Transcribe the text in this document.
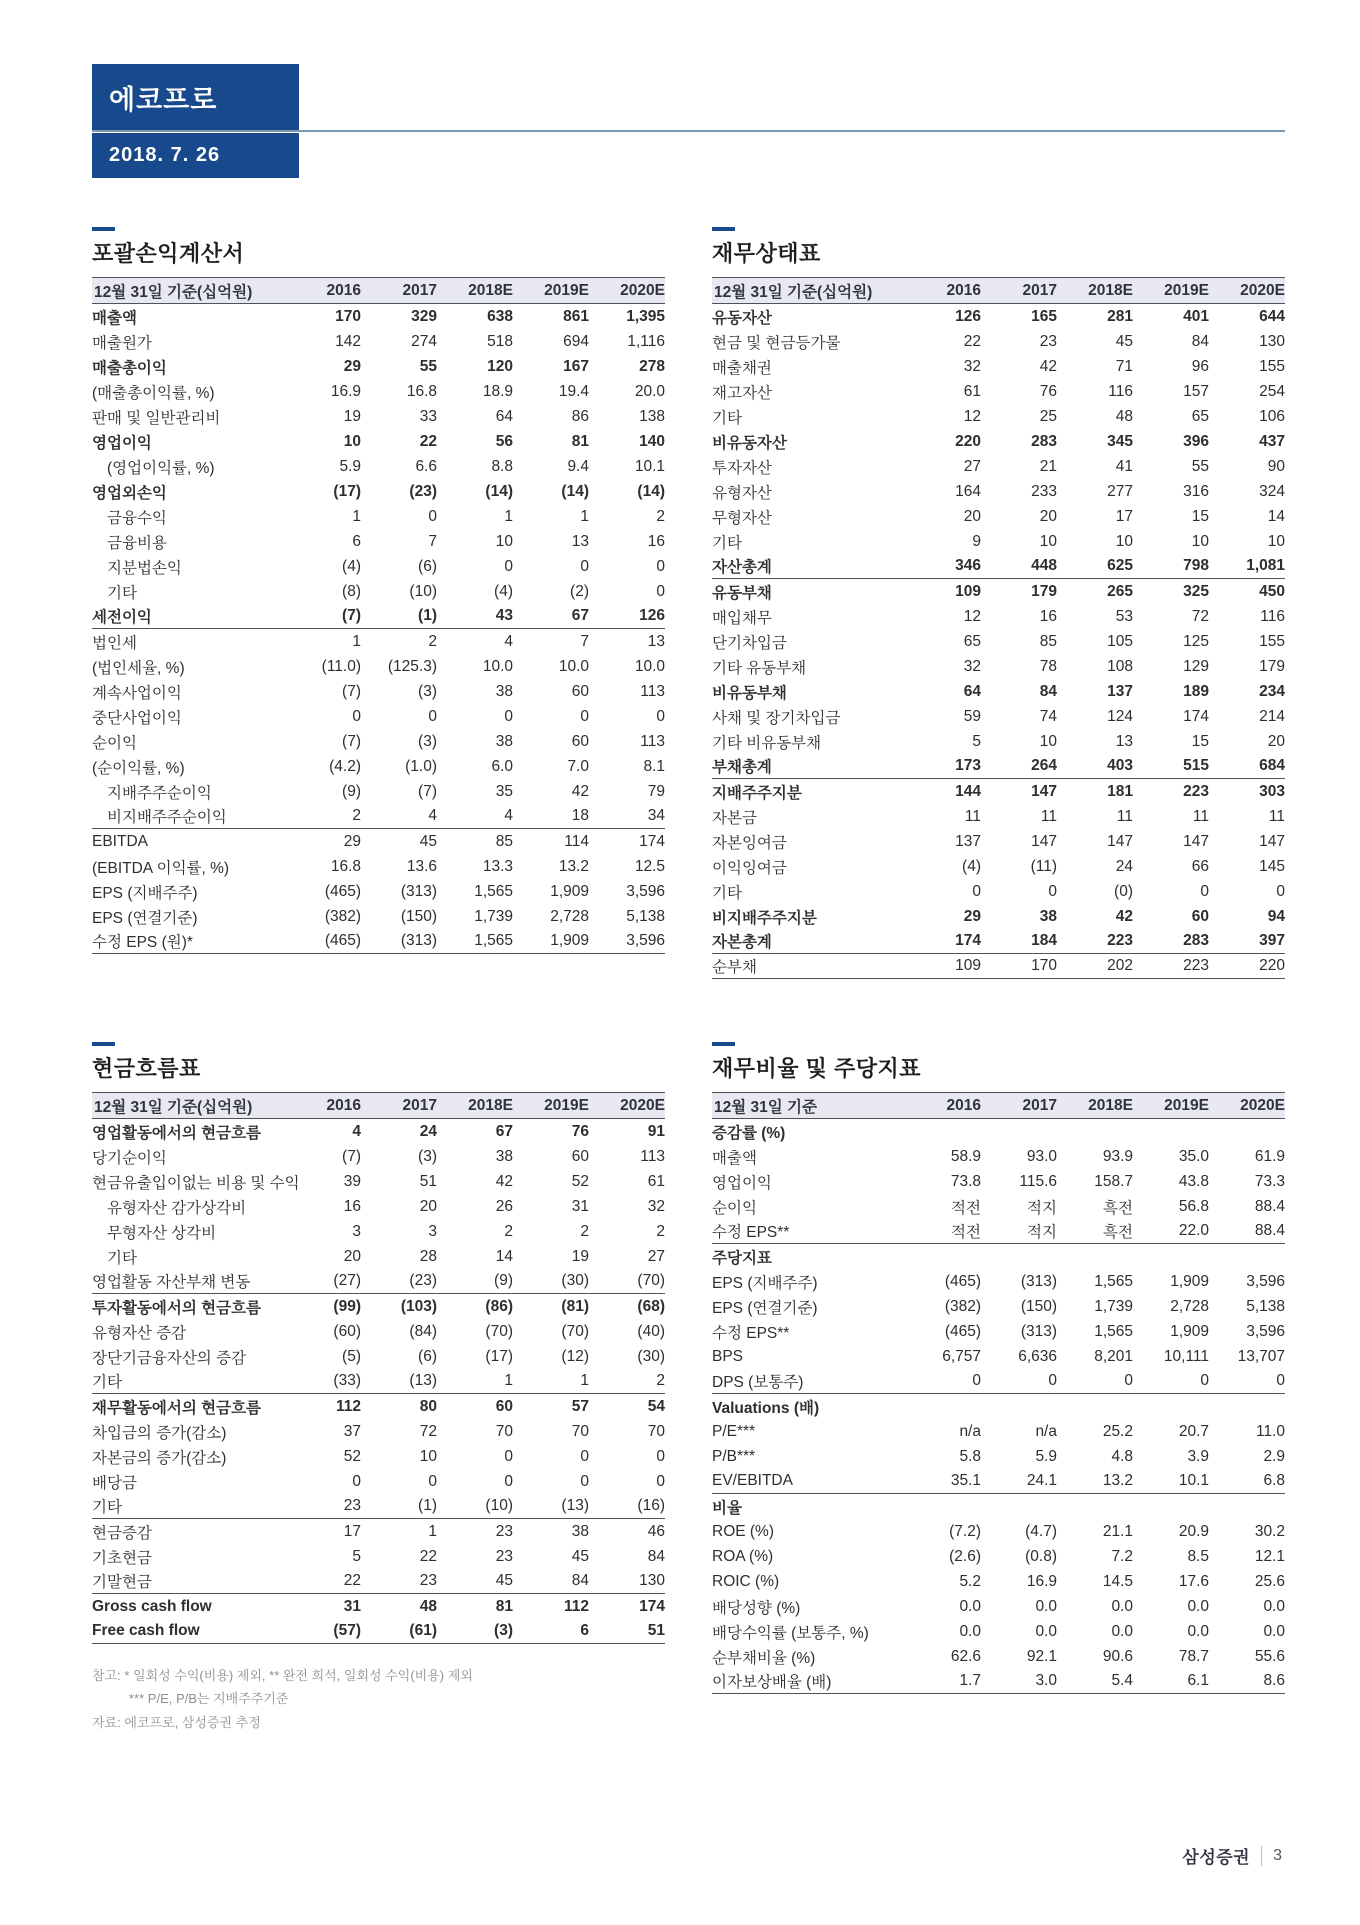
에코프로
2018. 7. 26
포괄손익계산서
12월 31일 기준(십억원)	2016	2017	2018E	2019E	2020E
매출액	170	329	638	861	1,395
매출원가	142	274	518	694	1,116
매출총이익	29	55	120	167	278
(매출총이익률, %)	16.9	16.8	18.9	19.4	20.0
판매 및 일반관리비	19	33	64	86	138
영업이익	10	22	56	81	140
(영업이익률, %)	5.9	6.6	8.8	9.4	10.1
영업외손익	(17)	(23)	(14)	(14)	(14)
금융수익	1	0	1	1	2
금융비용	6	7	10	13	16
지분법손익	(4)	(6)	0	0	0
기타	(8)	(10)	(4)	(2)	0
세전이익	(7)	(1)	43	67	126
법인세	1	2	4	7	13
(법인세율, %)	(11.0)	(125.3)	10.0	10.0	10.0
계속사업이익	(7)	(3)	38	60	113
중단사업이익	0	0	0	0	0
순이익	(7)	(3)	38	60	113
(순이익률, %)	(4.2)	(1.0)	6.0	7.0	8.1
지배주주순이익	(9)	(7)	35	42	79
비지배주주순이익	2	4	4	18	34
EBITDA	29	45	85	114	174
(EBITDA 이익률, %)	16.8	13.6	13.3	13.2	12.5
EPS (지배주주)	(465)	(313)	1,565	1,909	3,596
EPS (연결기준)	(382)	(150)	1,739	2,728	5,138
수정 EPS (원)*	(465)	(313)	1,565	1,909	3,596
재무상태표
12월 31일 기준(십억원)	2016	2017	2018E	2019E	2020E
유동자산	126	165	281	401	644
현금 및 현금등가물	22	23	45	84	130
매출채권	32	42	71	96	155
재고자산	61	76	116	157	254
기타	12	25	48	65	106
비유동자산	220	283	345	396	437
투자자산	27	21	41	55	90
유형자산	164	233	277	316	324
무형자산	20	20	17	15	14
기타	9	10	10	10	10
자산총계	346	448	625	798	1,081
유동부채	109	179	265	325	450
매입채무	12	16	53	72	116
단기차입금	65	85	105	125	155
기타 유동부채	32	78	108	129	179
비유동부채	64	84	137	189	234
사채 및 장기차입금	59	74	124	174	214
기타 비유동부채	5	10	13	15	20
부채총계	173	264	403	515	684
지배주주지분	144	147	181	223	303
자본금	11	11	11	11	11
자본잉여금	137	147	147	147	147
이익잉여금	(4)	(11)	24	66	145
기타	0	0	(0)	0	0
비지배주주지분	29	38	42	60	94
자본총계	174	184	223	283	397
순부채	109	170	202	223	220
현금흐름표
12월 31일 기준(십억원)	2016	2017	2018E	2019E	2020E
영업활동에서의 현금흐름	4	24	67	76	91
당기순이익	(7)	(3)	38	60	113
현금유출입이없는 비용 및 수익	39	51	42	52	61
유형자산 감가상각비	16	20	26	31	32
무형자산 상각비	3	3	2	2	2
기타	20	28	14	19	27
영업활동 자산부채 변동	(27)	(23)	(9)	(30)	(70)
투자활동에서의 현금흐름	(99)	(103)	(86)	(81)	(68)
유형자산 증감	(60)	(84)	(70)	(70)	(40)
장단기금융자산의 증감	(5)	(6)	(17)	(12)	(30)
기타	(33)	(13)	1	1	2
재무활동에서의 현금흐름	112	80	60	57	54
차입금의 증가(감소)	37	72	70	70	70
자본금의 증가(감소)	52	10	0	0	0
배당금	0	0	0	0	0
기타	23	(1)	(10)	(13)	(16)
현금증감	17	1	23	38	46
기초현금	5	22	23	45	84
기말현금	22	23	45	84	130
Gross cash flow	31	48	81	112	174
Free cash flow	(57)	(61)	(3)	6	51
참고: * 일회성 수익(비용) 제외, ** 완전 희석, 일회성 수익(비용) 제외
*** P/E, P/B는 지배주주기준
자료: 에코프로, 삼성증권 추정
재무비율 및 주당지표
12월 31일 기준	2016	2017	2018E	2019E	2020E
증감률 (%)
매출액	58.9	93.0	93.9	35.0	61.9
영업이익	73.8	115.6	158.7	43.8	73.3
순이익	적전	적지	흑전	56.8	88.4
수정 EPS**	적전	적지	흑전	22.0	88.4
주당지표
EPS (지배주주)	(465)	(313)	1,565	1,909	3,596
EPS (연결기준)	(382)	(150)	1,739	2,728	5,138
수정 EPS**	(465)	(313)	1,565	1,909	3,596
BPS	6,757	6,636	8,201	10,111	13,707
DPS (보통주)	0	0	0	0	0
Valuations (배)
P/E***	n/a	n/a	25.2	20.7	11.0
P/B***	5.8	5.9	4.8	3.9	2.9
EV/EBITDA	35.1	24.1	13.2	10.1	6.8
비율
ROE (%)	(7.2)	(4.7)	21.1	20.9	30.2
ROA (%)	(2.6)	(0.8)	7.2	8.5	12.1
ROIC (%)	5.2	16.9	14.5	17.6	25.6
배당성향 (%)	0.0	0.0	0.0	0.0	0.0
배당수익률 (보통주, %)	0.0	0.0	0.0	0.0	0.0
순부채비율 (%)	62.6	92.1	90.6	78.7	55.6
이자보상배율 (배)	1.7	3.0	5.4	6.1	8.6
삼성증권 3
